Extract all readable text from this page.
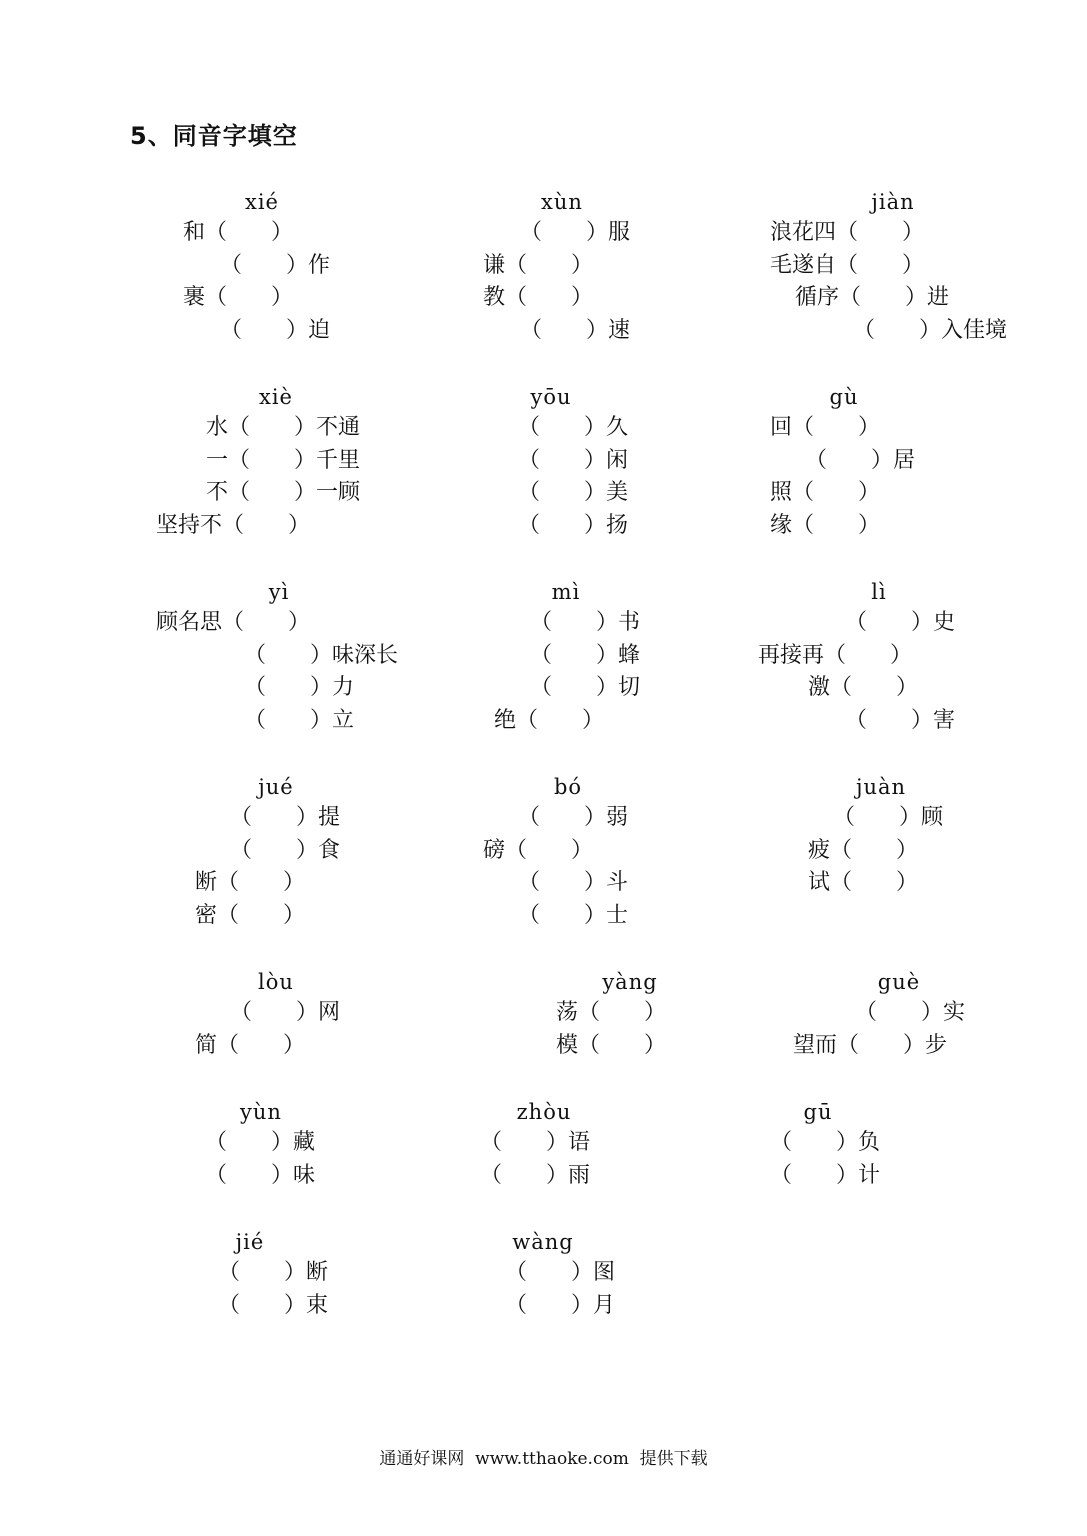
5、同音字填空
xié
和（　　）
（　　）作
裹（　　）
（　　）迫
xùn
（　　）服
谦（　　）
教（　　）
（　　）速
jiàn
浪花四（　　）
毛遂自（　　）
循序（　　）进
（　　）入佳境
xiè
水（　　）不通
一（　　）千里
不（　　）一顾
坚持不（　　）
yōu
（　　）久
（　　）闲
（　　）美
（　　）扬
gù
回（　　）
（　　）居
照（　　）
缘（　　）
yì
顾名思（　　）
（　　）味深长
（　　）力
（　　）立
mì
（　　）书
（　　）蜂
（　　）切
绝（　　）
lì
（　　）史
再接再（　　）
激（　　）
（　　）害
jué
（　　）提
（　　）食
断（　　）
密（　　）
bó
（　　）弱
磅（　　）
（　　）斗
（　　）士
juàn
（　　）顾
疲（　　）
试（　　）
lòu
（　　）网
简（　　）
yàng
荡（　　）
模（　　）
guè
（　　）实
望而（　　）步
yùn
（　　）藏
（　　）味
zhòu
（　　）语
（　　）雨
gū
（　　）负
（　　）计
jié
（　　）断
（　　）束
wàng
（　　）图
（　　）月
通通好课网  www.tthaoke.com  提供下载
